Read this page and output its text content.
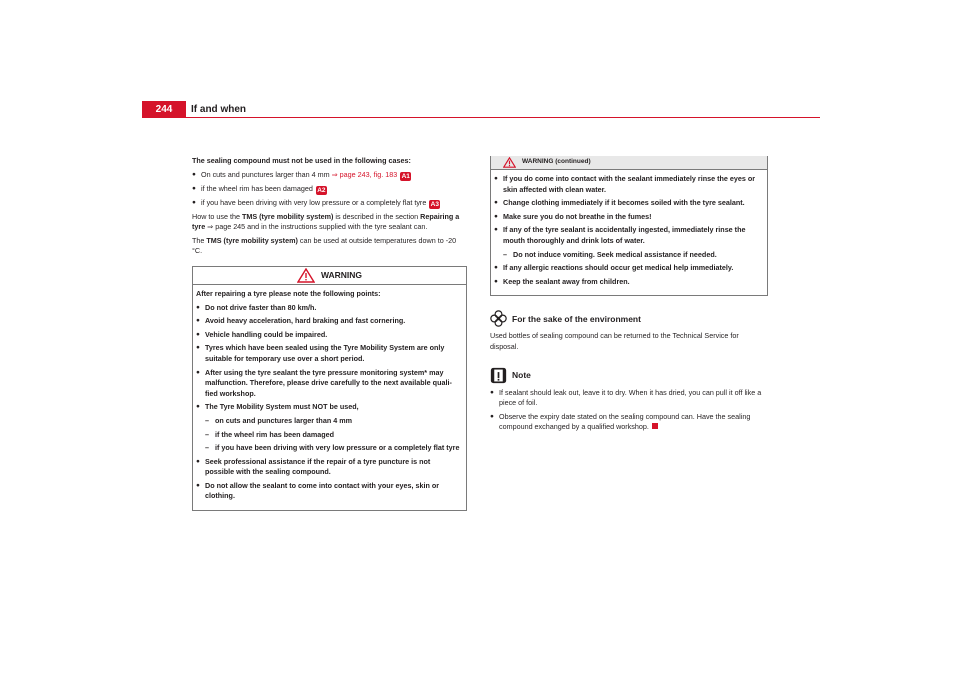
244	If and when
The sealing compound must not be used in the following cases:
● On cuts and punctures larger than 4 mm ⇒ page 243, fig. 183 A1
● if the wheel rim has been damaged A2
● if you have been driving with very low pressure or a completely flat tyre A3
How to use the TMS (tyre mobility system) is described in the section Repairing a tyre ⇒ page 245 and in the instructions supplied with the tyre sealant can.
The TMS (tyre mobility system) can be used at outside temperatures down to -20 °C.
WARNING
After repairing a tyre please note the following points:
● Do not drive faster than 80 km/h.
● Avoid heavy acceleration, hard braking and fast cornering.
● Vehicle handling could be impaired.
● Tyres which have been sealed using the Tyre Mobility System are only suitable for temporary use over a short period.
● After using the tyre sealant the tyre pressure monitoring system* may malfunction. Therefore, please drive carefully to the next available quali-fied workshop.
● The Tyre Mobility System must NOT be used,
– on cuts and punctures larger than 4 mm
– if the wheel rim has been damaged
– if you have been driving with very low pressure or a completely flat tyre
● Seek professional assistance if the repair of a tyre puncture is not possible with the sealing compound.
● Do not allow the sealant to come into contact with your eyes, skin or clothing.
WARNING (continued)
● If you do come into contact with the sealant immediately rinse the eyes or skin affected with clean water.
● Change clothing immediately if it becomes soiled with the tyre sealant.
● Make sure you do not breathe in the fumes!
● If any of the tyre sealant is accidentally ingested, immediately rinse the mouth thoroughly and drink lots of water.
– Do not induce vomiting. Seek medical assistance if needed.
● If any allergic reactions should occur get medical help immediately.
● Keep the sealant away from children.
For the sake of the environment
Used bottles of sealing compound can be returned to the Technical Service for disposal.
Note
● If sealant should leak out, leave it to dry. When it has dried, you can pull it off like a piece of foil.
● Observe the expiry date stated on the sealing compound can. Have the sealing compound exchanged by a qualified workshop.
